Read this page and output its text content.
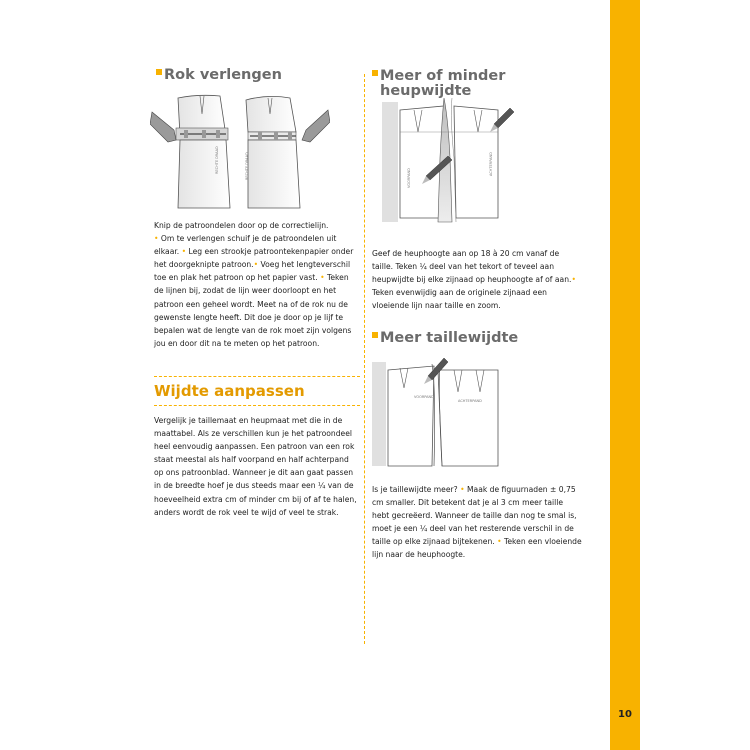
10
Rok verlengen
RECHTE DRAAD	RECHTE DRAAD

Knip de patroondelen door op de correctielijn.
• Om te verlengen schuif je de patroondelen uit elkaar. • Leg een strookje patroontekenpapier onder het doorgeknipte patroon.• Voeg het lengteverschil toe en plak het patroon op het papier vast. • Teken de lijnen bij, zodat de lijn weer doorloopt en het patroon een geheel wordt. Meet na of de rok nu de gewenste lengte heeft. Dit doe je door op je lijf te bepalen wat de lengte van de rok moet zijn volgens jou en door dit na te meten op het patroon.

Wijdte aanpassen

Vergelijk je taillemaat en heupmaat met die in de maattabel. Als ze verschillen kun je het patroondeel heel eenvoudig aanpassen. Een patroon van een rok staat meestal als half voorpand en half achterpand op ons patroonblad. Wanneer je dit aan gaat passen in de breedte hoef je dus steeds maar een ¼ van de hoeveelheid extra cm of minder cm bij of af te halen, anders wordt de rok veel te wijd of veel te strak.

Meer of minder
heupwijdte
VOORPAND
ACHTERPAND

Geef de heuphoogte aan op 18 à 20 cm vanaf de taille. Teken ¼ deel van het tekort of teveel aan heupwijdte bij elke zijnaad op heuphoogte af of aan.• Teken evenwijdig aan de originele zijnaad een vloeiende lijn naar taille en zoom.

Meer taillewijdte
VOORPAND
ACHTERPAND

Is je taillewijdte meer? • Maak de figuurnaden ± 0,75 cm smaller. Dit betekent dat je al 3 cm meer taille hebt gecreëerd. Wanneer de taille dan nog te smal is, moet je een ¼ deel van het resterende verschil in de taille op elke zijnaad bijtekenen. • Teken een vloeiende lijn naar de heuphoogte.
